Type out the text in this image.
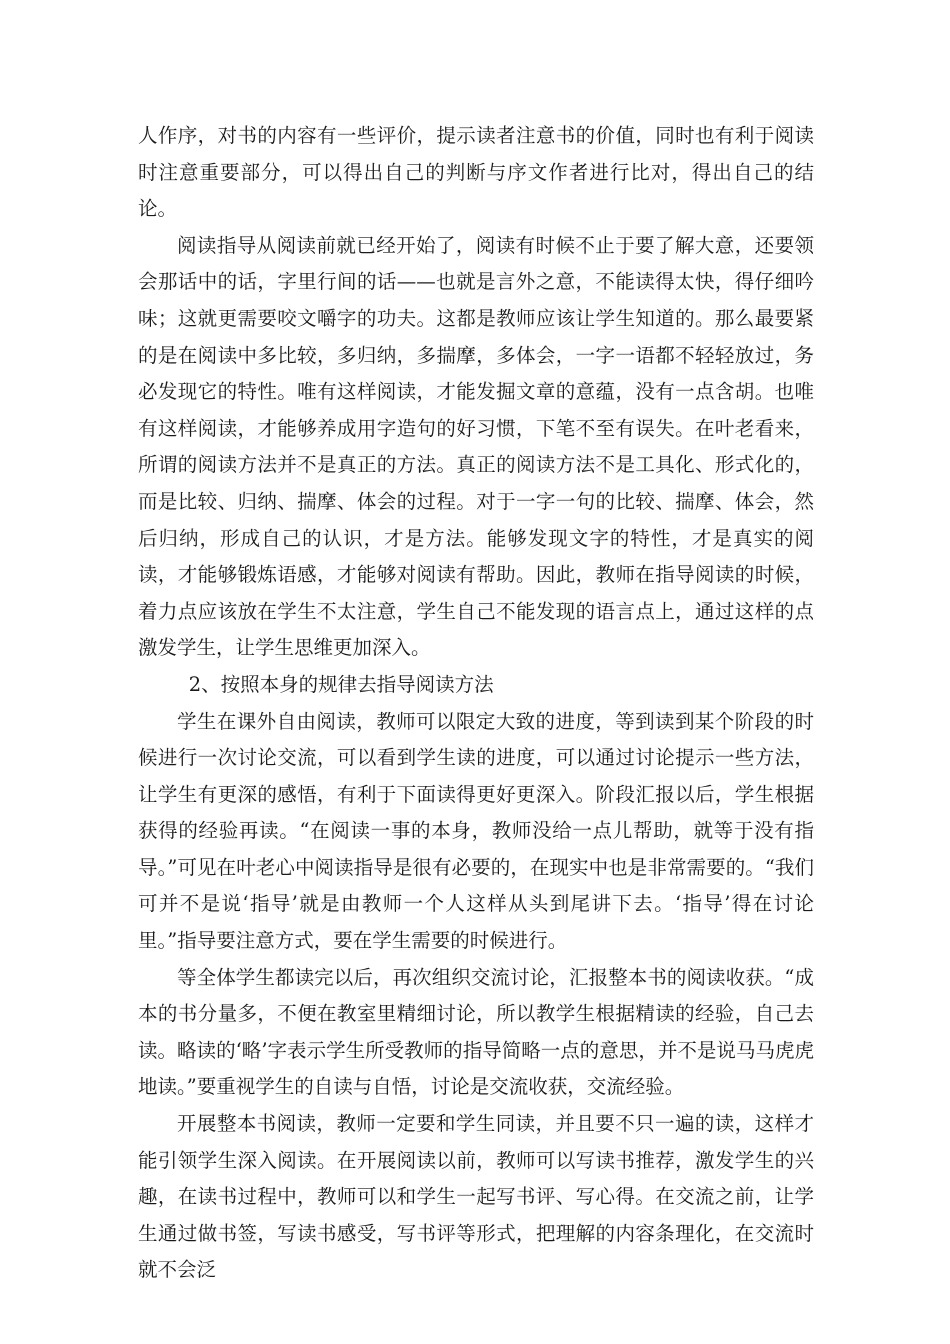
人作序，对书的内容有一些评价，提示读者注意书的价值，同时也有利于阅读时注意重要部分，可以得出自己的判断与序文作者进行比对，得出自己的结论。

阅读指导从阅读前就已经开始了，阅读有时候不止于要了解大意，还要领会那话中的话，字里行间的话——也就是言外之意，不能读得太快，得仔细吟味；这就更需要咬文嚼字的功夫。这都是教师应该让学生知道的。那么最要紧的是在阅读中多比较，多归纳，多揣摩，多体会，一字一语都不轻轻放过，务必发现它的特性。唯有这样阅读，才能发掘文章的意蕴，没有一点含胡。也唯有这样阅读，才能够养成用字造句的好习惯，下笔不至有误失。在叶老看来，所谓的阅读方法并不是真正的方法。真正的阅读方法不是工具化、形式化的，而是比较、归纳、揣摩、体会的过程。对于一字一句的比较、揣摩、体会，然后归纳，形成自己的认识，才是方法。能够发现文字的特性，才是真实的阅读，才能够锻炼语感，才能够对阅读有帮助。因此，教师在指导阅读的时候，着力点应该放在学生不太注意，学生自己不能发现的语言点上，通过这样的点激发学生，让学生思维更加深入。

2、按照本身的规律去指导阅读方法

学生在课外自由阅读，教师可以限定大致的进度，等到读到某个阶段的时候进行一次讨论交流，可以看到学生读的进度，可以通过讨论提示一些方法，让学生有更深的感悟，有利于下面读得更好更深入。阶段汇报以后，学生根据获得的经验再读。“在阅读一事的本身，教师没给一点儿帮助，就等于没有指导。”可见在叶老心中阅读指导是很有必要的，在现实中也是非常需要的。“我们可并不是说‘指导’就是由教师一个人这样从头到尾讲下去。‘指导’得在讨论里。”指导要注意方式，要在学生需要的时候进行。

等全体学生都读完以后，再次组织交流讨论，汇报整本书的阅读收获。“成本的书分量多，不便在教室里精细讨论，所以教学生根据精读的经验，自己去读。略读的‘略’字表示学生所受教师的指导简略一点的意思，并不是说马马虎虎地读。”要重视学生的自读与自悟，讨论是交流收获，交流经验。

开展整本书阅读，教师一定要和学生同读，并且要不只一遍的读，这样才能引领学生深入阅读。在开展阅读以前，教师可以写读书推荐，激发学生的兴趣，在读书过程中，教师可以和学生一起写书评、写心得。在交流之前，让学生通过做书签，写读书感受，写书评等形式，把理解的内容条理化，在交流时就不会泛
